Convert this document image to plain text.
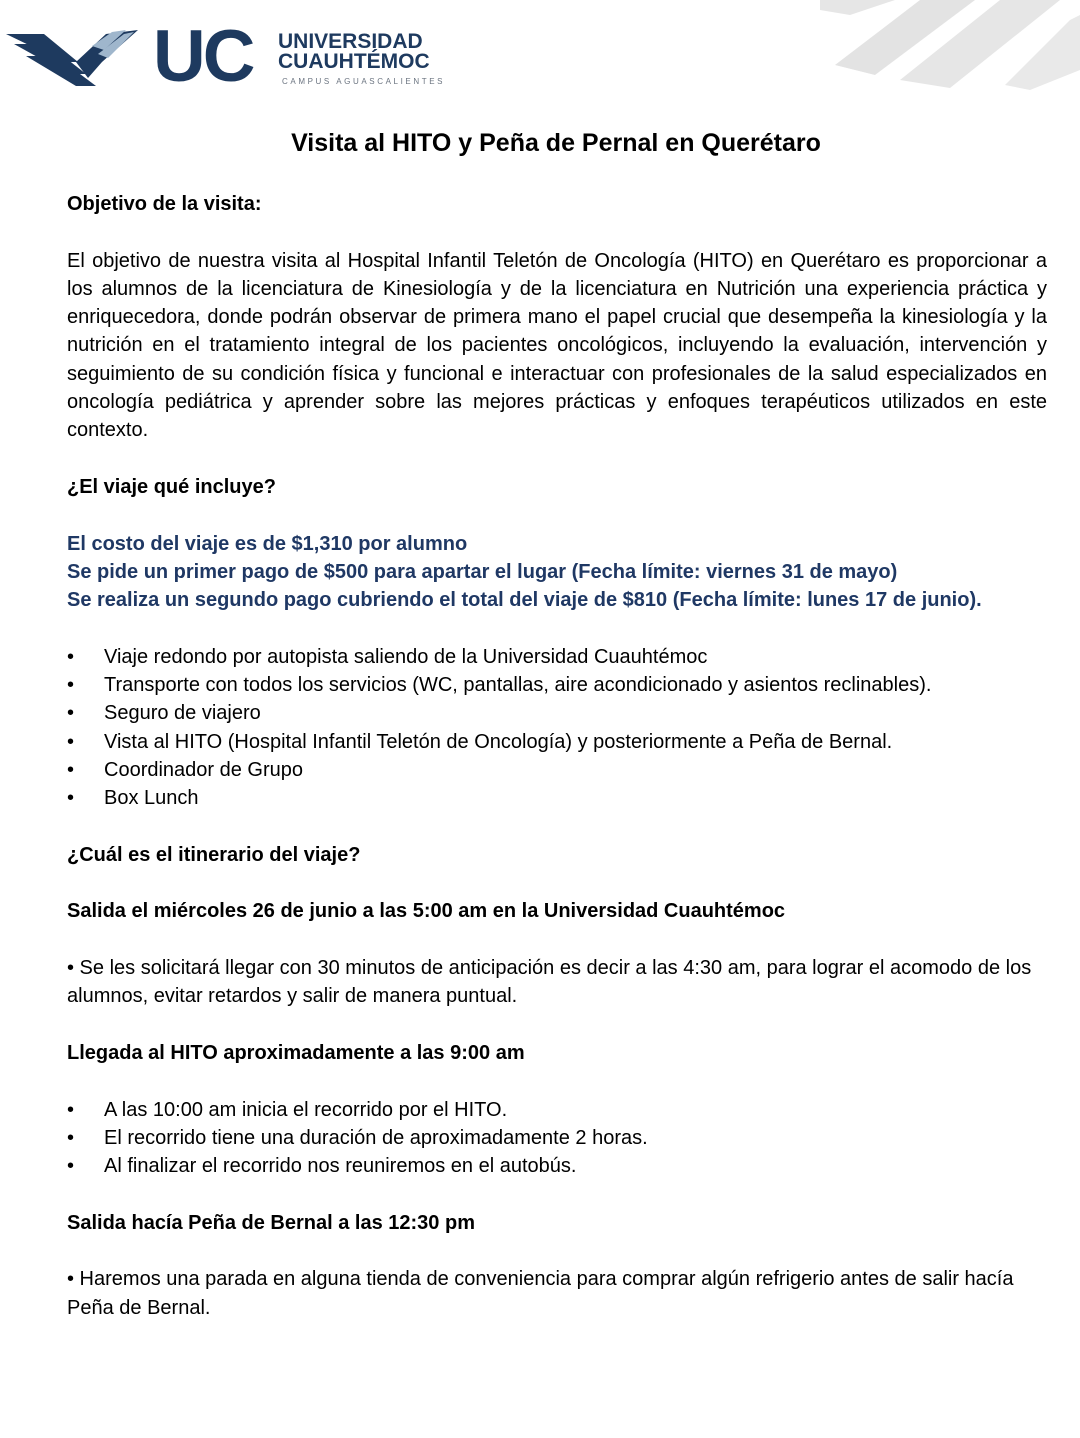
UC UNIVERSIDAD
CUAUHTÉMOC
CAMPUS AGUASCALIENTES
Visita al HITO y Peña de Pernal en Querétaro

Objetivo de la visita:

El objetivo de nuestra visita al Hospital Infantil Teletón de Oncología (HITO) en Querétaro es proporcionar a los alumnos de la licenciatura de Kinesiología y de la licenciatura en Nutrición una experiencia práctica y enriquecedora, donde podrán observar de primera mano el papel crucial que desempeña la kinesiología y la nutrición en el tratamiento integral de los pacientes oncológicos, incluyendo la evaluación, intervención y seguimiento de su condición física y funcional e interactuar con profesionales de la salud especializados en oncología pediátrica y aprender sobre las mejores prácticas y enfoques terapéuticos utilizados en este contexto.

¿El viaje qué incluye?

El costo del viaje es de $1,310 por alumno

Se pide un primer pago de $500 para apartar el lugar (Fecha límite: viernes 31 de mayo)

Se realiza un segundo pago cubriendo el total del viaje de $810 (Fecha límite: lunes 17 de junio).

• Viaje redondo por autopista saliendo de la Universidad Cuauhtémoc
• Transporte con todos los servicios (WC, pantallas, aire acondicionado y asientos reclinables).
• Seguro de viajero
• Vista al HITO (Hospital Infantil Teletón de Oncología) y posteriormente a Peña de Bernal.
• Coordinador de Grupo
• Box Lunch

¿Cuál es el itinerario del viaje?

Salida el miércoles 26 de junio a las 5:00 am en la Universidad Cuauhtémoc

• Se les solicitará llegar con 30 minutos de anticipación es decir a las 4:30 am, para lograr el acomodo de los alumnos, evitar retardos y salir de manera puntual.

Llegada al HITO aproximadamente a las 9:00 am

• A las 10:00 am inicia el recorrido por el HITO.
• El recorrido tiene una duración de aproximadamente 2 horas.
• Al finalizar el recorrido nos reuniremos en el autobús.

Salida hacía Peña de Bernal a las 12:30 pm

• Haremos una parada en alguna tienda de conveniencia para comprar algún refrigerio antes de salir hacía Peña de Bernal.
